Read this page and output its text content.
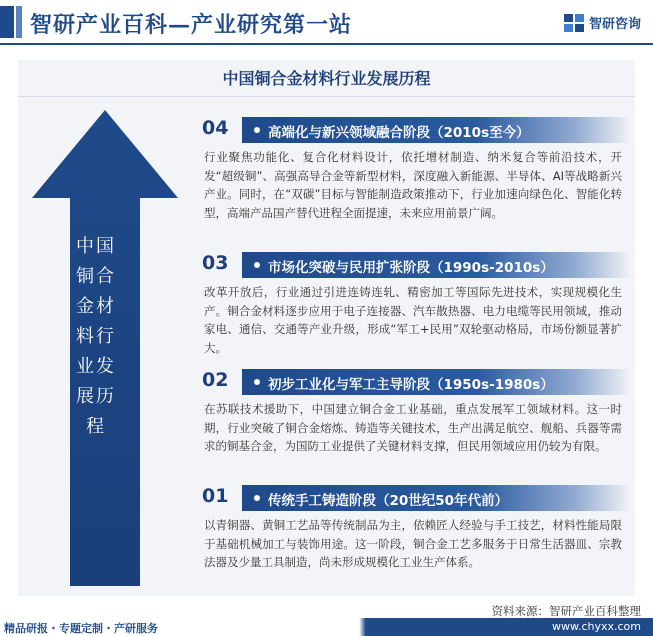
智研产业百科—产业研究第一站	智研咨询
中国铜合金材料行业发展历程
中国
铜合
金材
料行
业发
展历
程
04	高端化与新兴领域融合阶段（2010s至今）
行业聚焦功能化、复合化材料设计，依托增材制造、纳米复合等前沿技术，开发“超级铜”、高强高导合金等新型材料，深度融入新能源、半导体、AI等战略新兴产业。同时，在“双碳”目标与智能制造政策推动下，行业加速向绿色化、智能化转型，高端产品国产替代进程全面提速，未来应用前景广阔。
03	市场化突破与民用扩张阶段（1990s-2010s）
改革开放后，行业通过引进连铸连轧、精密加工等国际先进技术，实现规模化生产。铜合金材料逐步应用于电子连接器、汽车散热器、电力电缆等民用领域，推动家电、通信、交通等产业升级，形成“军工+民用”双轮驱动格局，市场份额显著扩大。
02	初步工业化与军工主导阶段（1950s-1980s）
在苏联技术援助下，中国建立铜合金工业基础，重点发展军工领域材料。这一时期，行业突破了铜合金熔炼、铸造等关键技术，生产出满足航空、舰船、兵器等需求的铜基合金，为国防工业提供了关键材料支撑，但民用领域应用仍较为有限。
01	传统手工铸造阶段（20世纪50年代前）
以青铜器、黄铜工艺品等传统制品为主，依赖匠人经验与手工技艺，材料性能局限于基础机械加工与装饰用途。这一阶段，铜合金工艺多服务于日常生活器皿、宗教法器及少量工具制造，尚未形成规模化工业生产体系。
资料来源：智研产业百科整理
精品研报・专题定制・产研服务	www.chyxx.com
